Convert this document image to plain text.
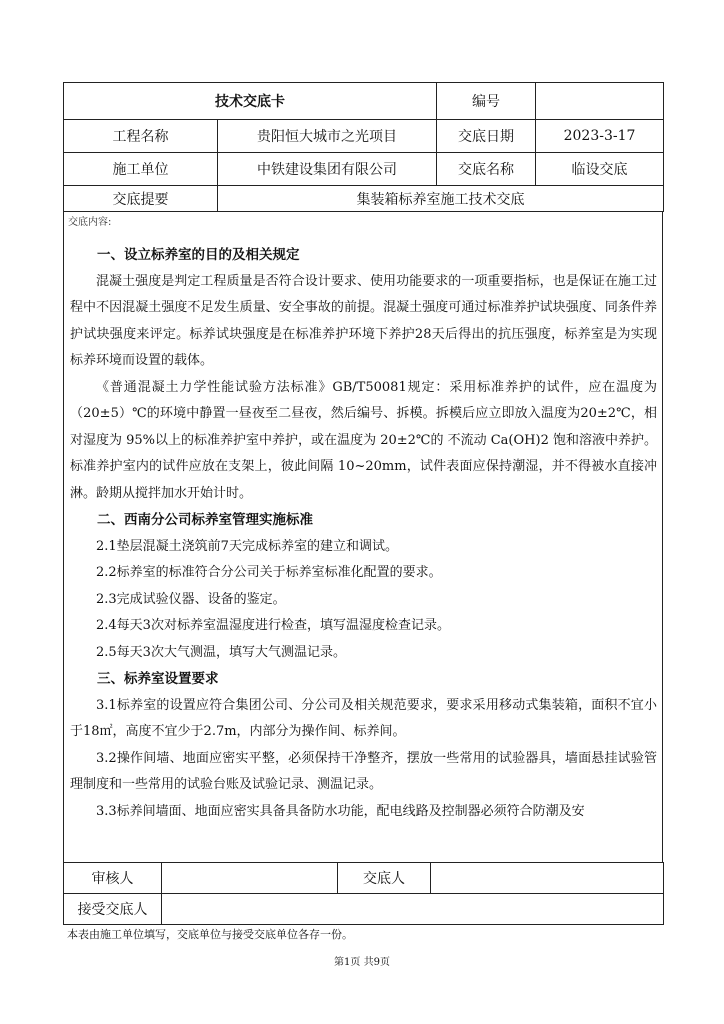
技术交底卡		编号	
工程名称	贵阳恒大城市之光项目	交底日期	2023-3-17
施工单位	中铁建设集团有限公司	交底名称	临设交底
交底提要	集装箱标养室施工技术交底		
交底内容:
一、设立标养室的目的及相关规定

混凝土强度是判定工程质量是否符合设计要求、使用功能要求的一项重要指标，也是保证在施工过程中不因混凝土强度不足发生质量、安全事故的前提。混凝土强度可通过标准养护试块强度、同条件养护试块强度来评定。标养试块强度是在标准养护环境下养护28天后得出的抗压强度，标养室是为实现标养环境而设置的载体。

《普通混凝土力学性能试验方法标准》GB/T50081规定：采用标准养护的试件，应在温度为（20±5）℃的环境中静置一昼夜至二昼夜，然后编号、拆模。拆模后应立即放入温度为20±2℃，相对湿度为 95%以上的标准养护室中养护，或在温度为 20±2℃的 不流动 Ca(OH)2 饱和溶液中养护。标准养护室内的试件应放在支架上，彼此间隔 10~20mm，试件表面应保持潮湿，并不得被水直接冲淋。龄期从搅拌加水开始计时。

二、西南分公司标养室管理实施标准

2.1垫层混凝土浇筑前7天完成标养室的建立和调试。

2.2标养室的标准符合分公司关于标养室标准化配置的要求。

2.3完成试验仪器、设备的鉴定。

2.4每天3次对标养室温湿度进行检查，填写温湿度检查记录。

2.5每天3次大气测温，填写大气测温记录。

三、标养室设置要求

3.1标养室的设置应符合集团公司、分公司及相关规范要求，要求采用移动式集装箱，面积不宜小于18㎡，高度不宜少于2.7m，内部分为操作间、标养间。

3.2操作间墙、地面应密实平整，必须保持干净整齐，摆放一些常用的试验器具，墙面悬挂试验管理制度和一些常用的试验台账及试验记录、测温记录。

3.3标养间墙面、地面应密实具备具备防水功能，配电线路及控制器必须符合防潮及安

审核人		交底人	
接受交底人			
本表由施工单位填写，交底单位与接受交底单位各存一份。
第1页 共9页
